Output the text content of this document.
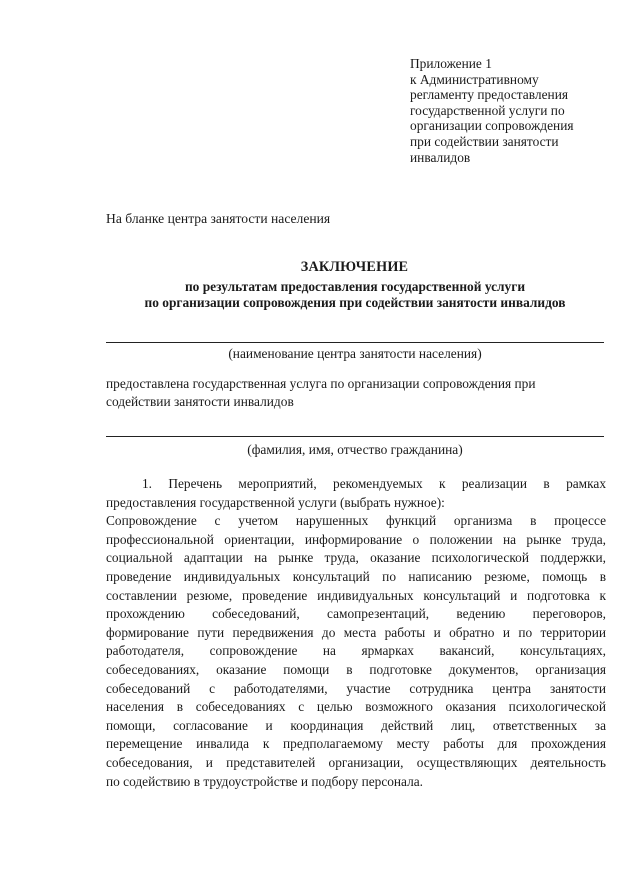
Приложение 1
к Административному
регламенту предоставления
государственной услуги по
организации сопровождения
при содействии занятости
инвалидов
На бланке центра занятости населения
ЗАКЛЮЧЕНИЕ
по результатам предоставления государственной услуги
по организации сопровождения при содействии занятости инвалидов
(наименование центра занятости населения)
предоставлена государственная услуга по организации сопровождения при
содействии занятости инвалидов
(фамилия, имя, отчество гражданина)
1. Перечень мероприятий, рекомендуемых к реализации в рамках
предоставления государственной услуги (выбрать нужное):
Сопровождение с учетом нарушенных функций организма в процессе
профессиональной ориентации, информирование о положении на рынке труда,
социальной адаптации на рынке труда, оказание психологической поддержки,
проведение индивидуальных консультаций по написанию резюме, помощь в
составлении резюме, проведение индивидуальных консультаций и подготовка к
прохождению собеседований, самопрезентаций, ведению переговоров,
формирование пути передвижения до места работы и обратно и по территории
работодателя, сопровождение на ярмарках вакансий, консультациях,
собеседованиях, оказание помощи в подготовке документов, организация
собеседований с работодателями, участие сотрудника центра занятости
населения в собеседованиях с целью возможного оказания психологической
помощи, согласование и координация действий лиц, ответственных за
перемещение инвалида к предполагаемому месту работы для прохождения
собеседования, и представителей организации, осуществляющих деятельность
по содействию в трудоустройстве и подбору персонала.
